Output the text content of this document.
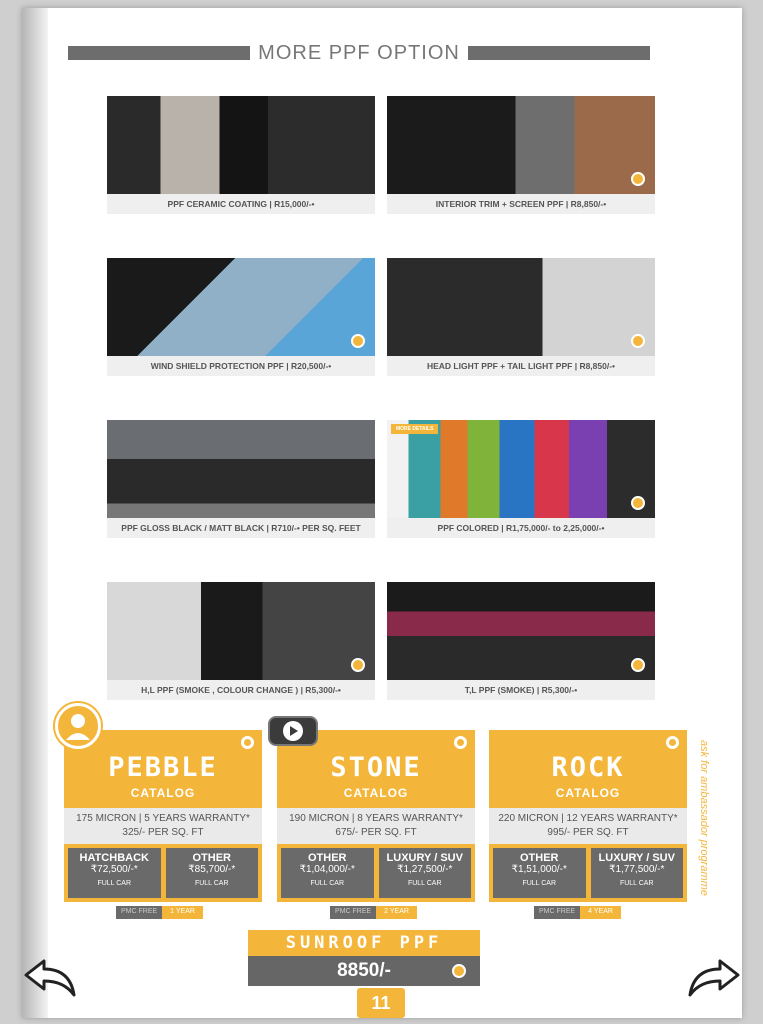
MORE PPF OPTION
PPF CERAMIC COATING | R15,000/-•	INTERIOR TRIM + SCREEN PPF | R8,850/-•
WIND SHIELD PROTECTION PPF | R20,500/-•	HEAD LIGHT PPF + TAIL LIGHT PPF | R8,850/-•
PPF GLOSS BLACK / MATT BLACK | R710/-• PER SQ. FEET
MORE DETAILS
PPF COLORED | R1,75,000/- to 2,25,000/-•
H,L PPF (SMOKE , COLOUR CHANGE ) | R5,300/-•	T,L PPF (SMOKE) | R5,300/-•
PEBBLE
CATALOG
175 MICRON | 5 YEARS WARRANTY*
325/- PER SQ. FT
HATCHBACK
₹72,500/-*
FULL CAR
OTHER
₹85,700/-*
FULL CAR
STONE
CATALOG
190 MICRON | 8 YEARS WARRANTY*
675/- PER SQ. FT
OTHER
₹1,04,000/-*
FULL CAR
LUXURY / SUV
₹1,27,500/-*
FULL CAR
ROCK
CATALOG
220 MICRON | 12 YEARS WARRANTY*
995/- PER SQ. FT
OTHER
₹1,51,000/-*
FULL CAR
LUXURY / SUV
₹1,77,500/-*
FULL CAR
PMC FREE	1 YEAR	PMC FREE	2 YEAR	PMC FREE	4 YEAR
ask for ambassador programme
SUNROOF PPF
8850/-
11
